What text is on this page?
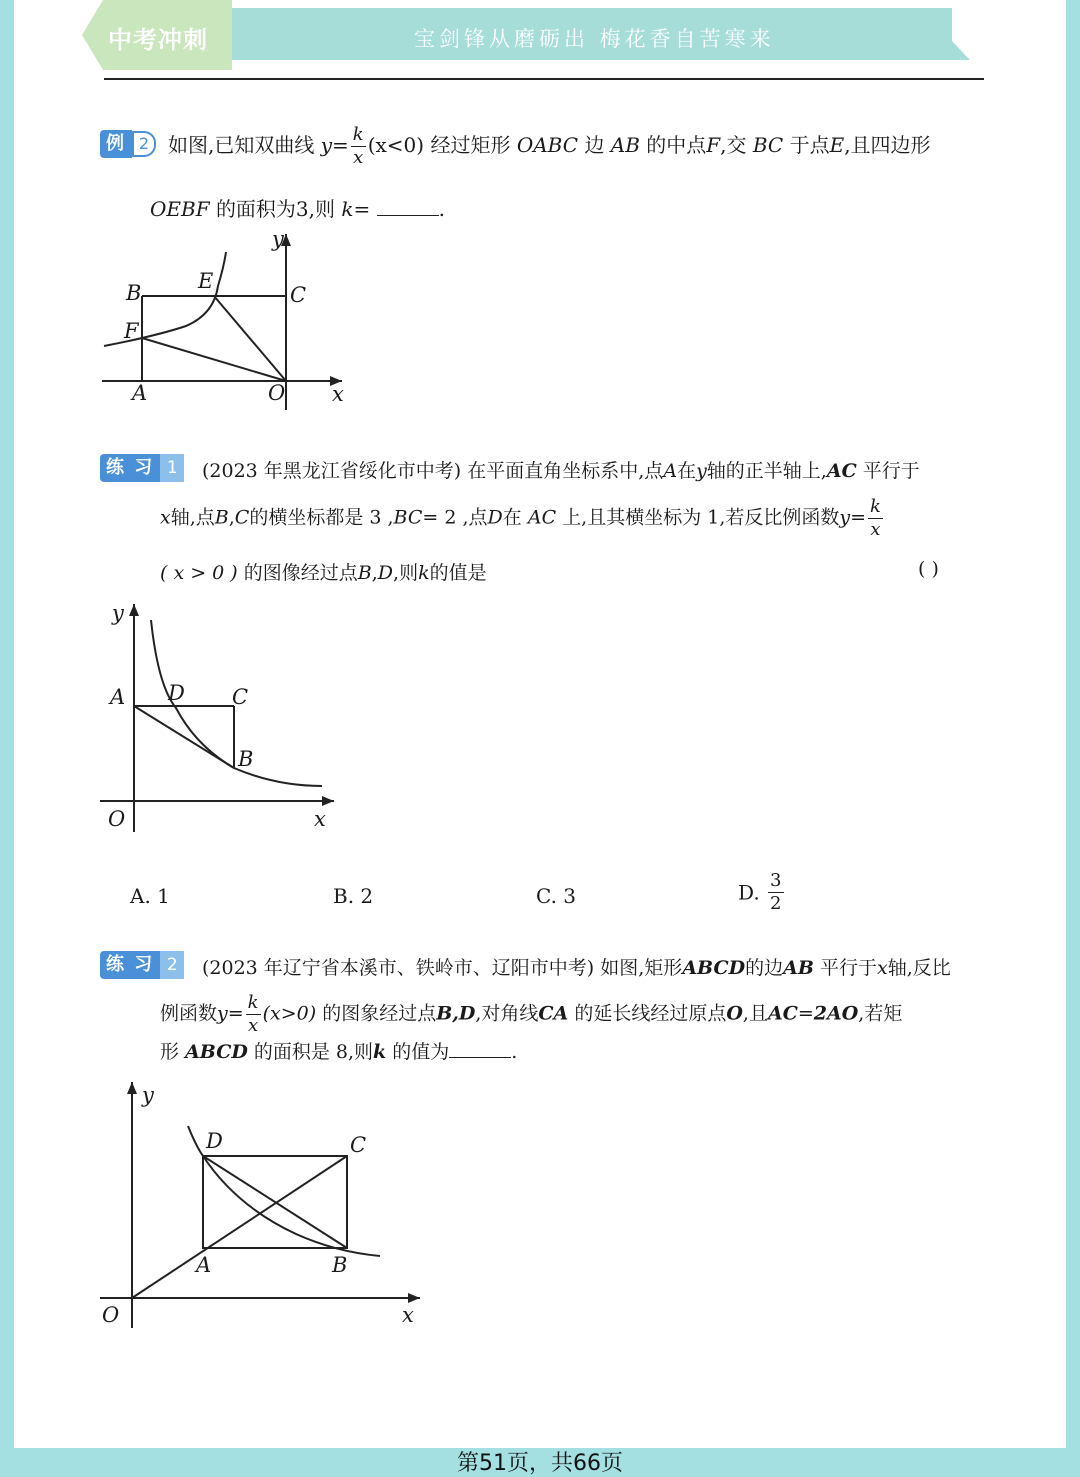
中考冲刺	宝剑锋从磨砺出 梅花香自苦寒来
例 2 如图,已知双曲线 $y= \frac{k}{x} (x<0)$ 经过矩形 OABC 边 AB 的中点F,交 BC 于点E,且四边形
OEBF 的面积为3,则 k=	.
y
x
B	E
C
F
A	O
练 习 1	(2023 年黑龙江省绥化市中考) 在平面直角坐标系中,点A在y轴的正半轴上,AC 平行于
x轴,点B,C的横坐标都是 3 ,BC= 2 ,点D在 AC 上,且其横坐标为 1,若反比例函数$y= \frac{k}{x}$
( x > 0 ) 的图像经过点B,D,则k的值是	( )
y
x
A D C
B
O
A. 1	B. 2	C. 3	D. $\frac{3}{2}$
练 习 2	(2023 年辽宁省本溪市、铁岭市、辽阳市中考) 如图,矩形ABCD的边AB 平行于x轴,反比
例函数$y= \frac{k}{x} (x>0)$ 的图象经过点B,D,对角线CA 的延长线经过原点O,且AC=2AO,若矩
形 ABCD 的面积是 8,则k 的值为	.
y
x
D	C
A	B
O
第51页，共66页
